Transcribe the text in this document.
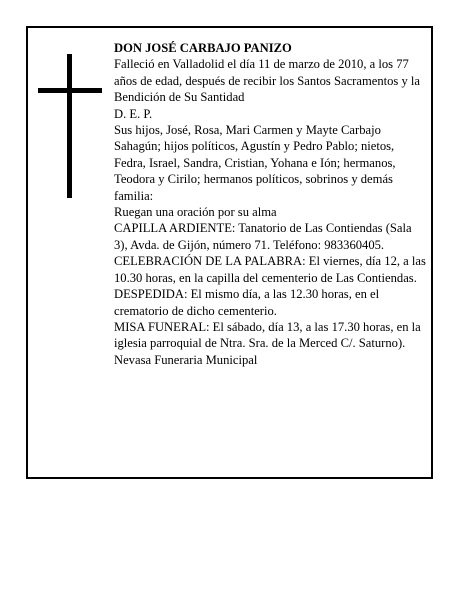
DON JOSÉ CARBAJO PANIZO

Falleció en Valladolid el día 11 de marzo de 2010, a los 77 años de edad, después de recibir los Santos Sacramentos y la Bendición de Su Santidad

D. E. P.

Sus hijos, José, Rosa, Mari Carmen y Mayte Carbajo Sahagún; hijos políticos, Agustín y Pedro Pablo; nietos, Fedra, Israel, Sandra, Cristian, Yohana e Ión; hermanos, Teodora y Cirilo; hermanos políticos, sobrinos y demás familia:

Ruegan una oración por su alma

CAPILLA ARDIENTE: Tanatorio de Las Contiendas (Sala 3), Avda. de Gijón, número 71. Teléfono: 983360405.

CELEBRACIÓN DE LA PALABRA: El viernes, día 12, a las 10.30 horas, en la capilla del cementerio de Las Contiendas.

DESPEDIDA: El mismo día, a las 12.30 horas, en el crematorio de dicho cementerio.

MISA FUNERAL: El sábado, día 13, a las 17.30 horas, en la iglesia parroquial de Ntra. Sra. de la Merced C/. Saturno).

Nevasa Funeraria Municipal
